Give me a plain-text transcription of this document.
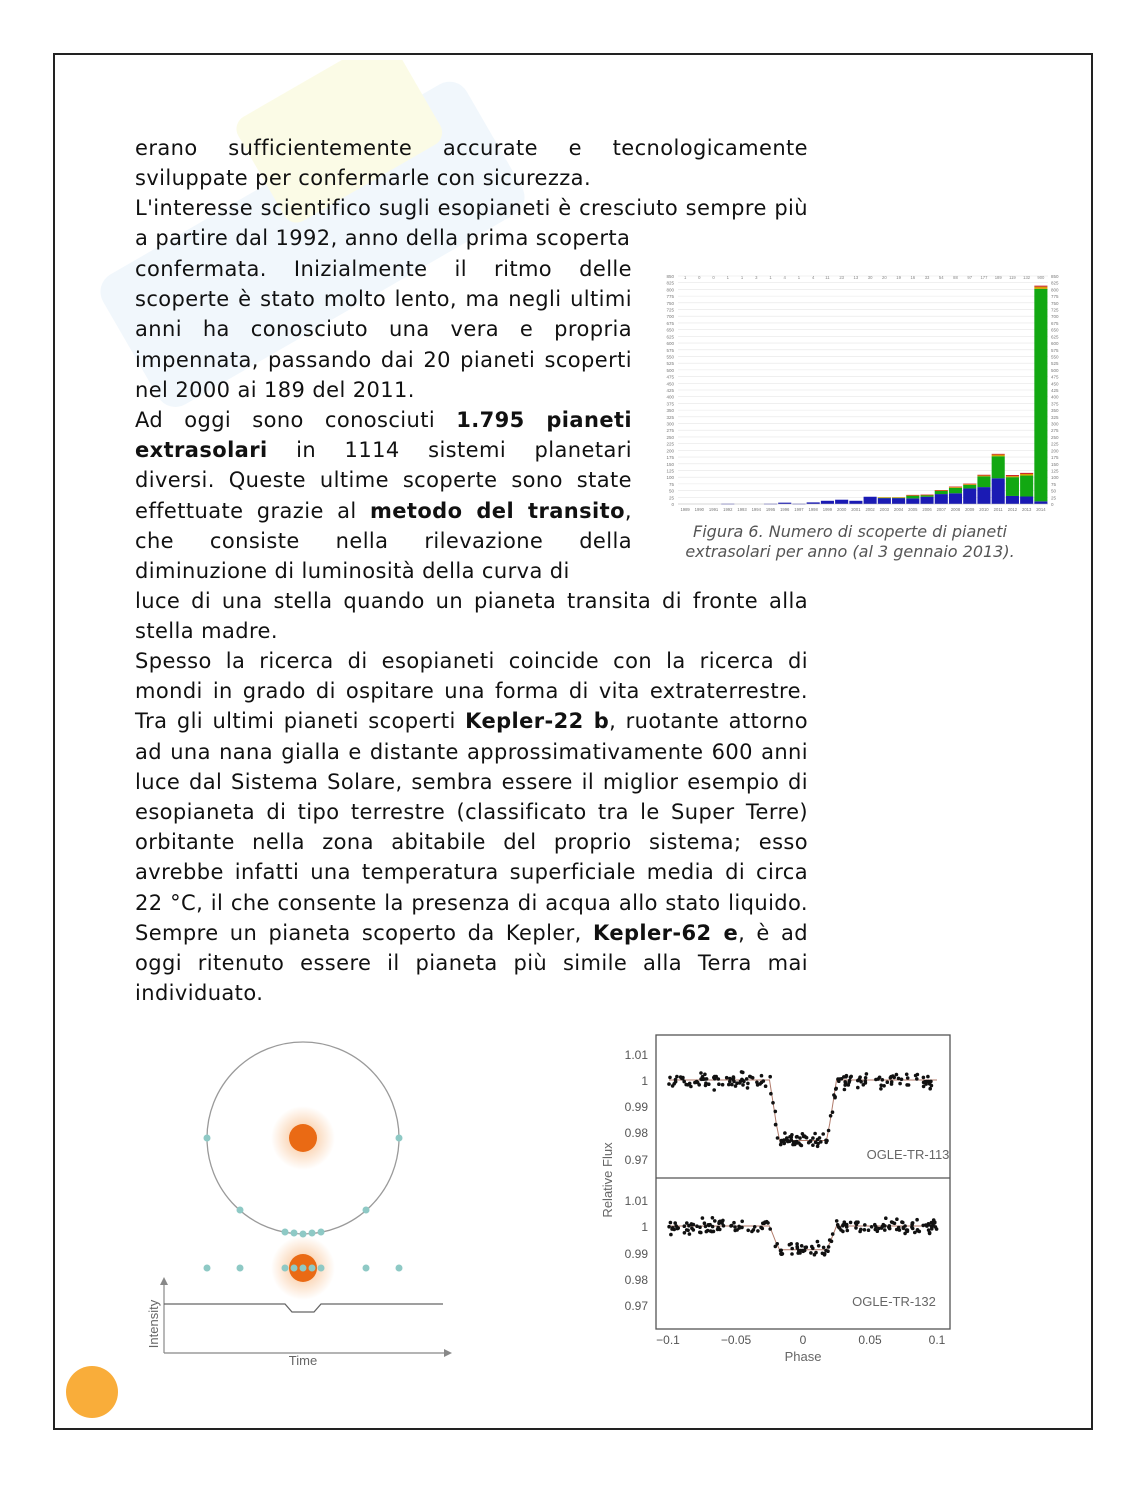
erano sufficientemente accurate e tecnologicamente sviluppate per confermarle con sicurezza.

L'interesse scientifico sugli esopianeti è cresciuto sempre più a partire dal 1992, anno della prima scoperta

confermata. Inizialmente il ritmo delle scoperte è stato molto lento, ma negli ultimi anni ha conosciuto una vera e propria impennata, passando dai 20 pianeti scoperti nel 2000 ai 189 del 2011.

Ad oggi sono conosciuti 1.795 pianeti extrasolari in 1114 sistemi planetari diversi. Queste ultime scoperte sono state effettuate grazie al metodo del transito, che consiste nella rilevazione della diminuzione di luminosità della curva di

luce di una stella quando un pianeta transita di fronte alla stella madre.

Spesso la ricerca di esopianeti coincide con la ricerca di mondi in grado di ospitare una forma di vita extraterrestre. Tra gli ultimi pianeti scoperti Kepler-22 b, ruotante attorno ad una nana gialla e distante approssimativamente 600 anni luce dal Sistema Solare, sembra essere il miglior esempio di esopianeta di tipo terrestre (classificato tra le Super Terre) orbitante nella zona abitabile del proprio sistema; esso avrebbe infatti una temperatura superficiale media di circa 22 °C, il che consente la presenza di acqua allo stato liquido. Sempre un pianeta scoperto da Kepler, Kepler-62 e, è ad oggi ritenuto essere il pianeta più simile alla Terra mai individuato.

0	0
25	25
50	50
75	75
100	100
125	125
150	150
175	175
200	200
225	225
250	250
275	275
300	300
325	325
350	350
375	375
400	400
425	425
450	450
475	475
500	500
525	525
550	550
575	575
600	600
625	625
650	650
675	675
700	700
725	725
750	750
775	775
800	800
825	825
850	850
1989
1
1990
0
1991
0
1992
1
1993
1
1994
3
1995
1
1996
4
1997
1
1998
4
1999
11
2000
23
2001
13
2002
30
2003
20
2004
19
2005
16
2006
33
2007
54
2008
88
2009
97
2010
177
2011
189
2012
119
2013
132
2014
900
Figura 6. Numero di scoperte di pianeti extrasolari per anno (al 3 gennaio 2013).
Intensity
Time
OGLE-TR-113
OGLE-TR-132
Relative Flux
Phase
1.01
1
0.99
0.98
0.97
1.01
1
0.99
0.98
0.97
−0.1	−0.05	0	0.05	0.1
